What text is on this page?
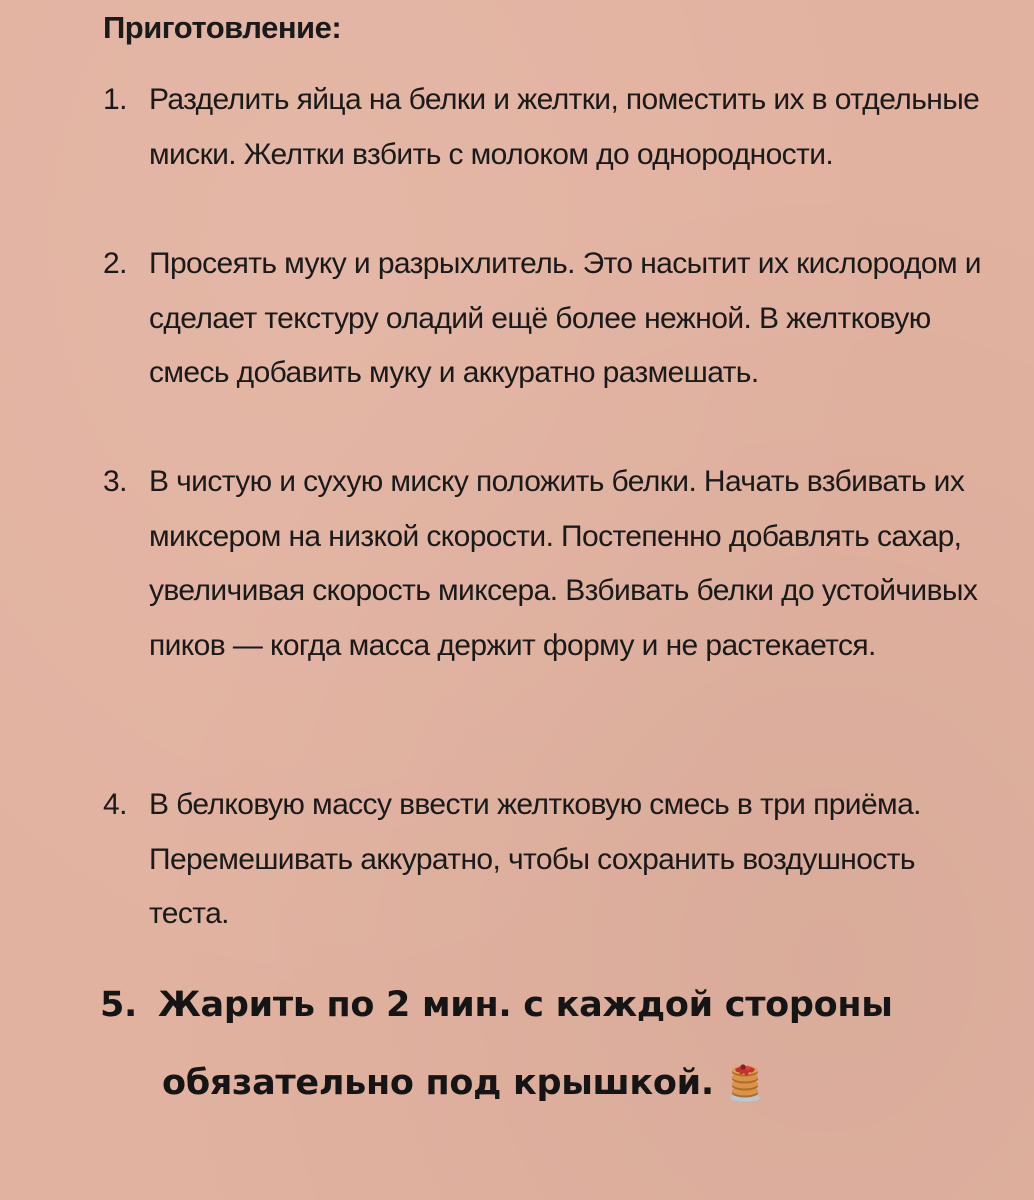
Приготовление:
1. Разделить яйца на белки и желтки, поместить их в отдельные миски. Желтки взбить с молоком до однородности.
2. Просеять муку и разрыхлитель. Это насытит их кислородом и сделает текстуру оладий ещё более нежной. В желтковую смесь добавить муку и аккуратно размешать.
3. В чистую и сухую миску положить белки. Начать взбивать их миксером на низкой скорости. Постепенно добавлять сахар, увеличивая скорость миксера. Взбивать белки до устойчивых пиков — когда масса держит форму и не растекается.
4. В белковую массу ввести желтковую смесь в три приёма. Перемешивать аккуратно, чтобы сохранить воздушность теста.
5. Жарить по 2 мин. с каждой стороны
обязательно под крышкой.
